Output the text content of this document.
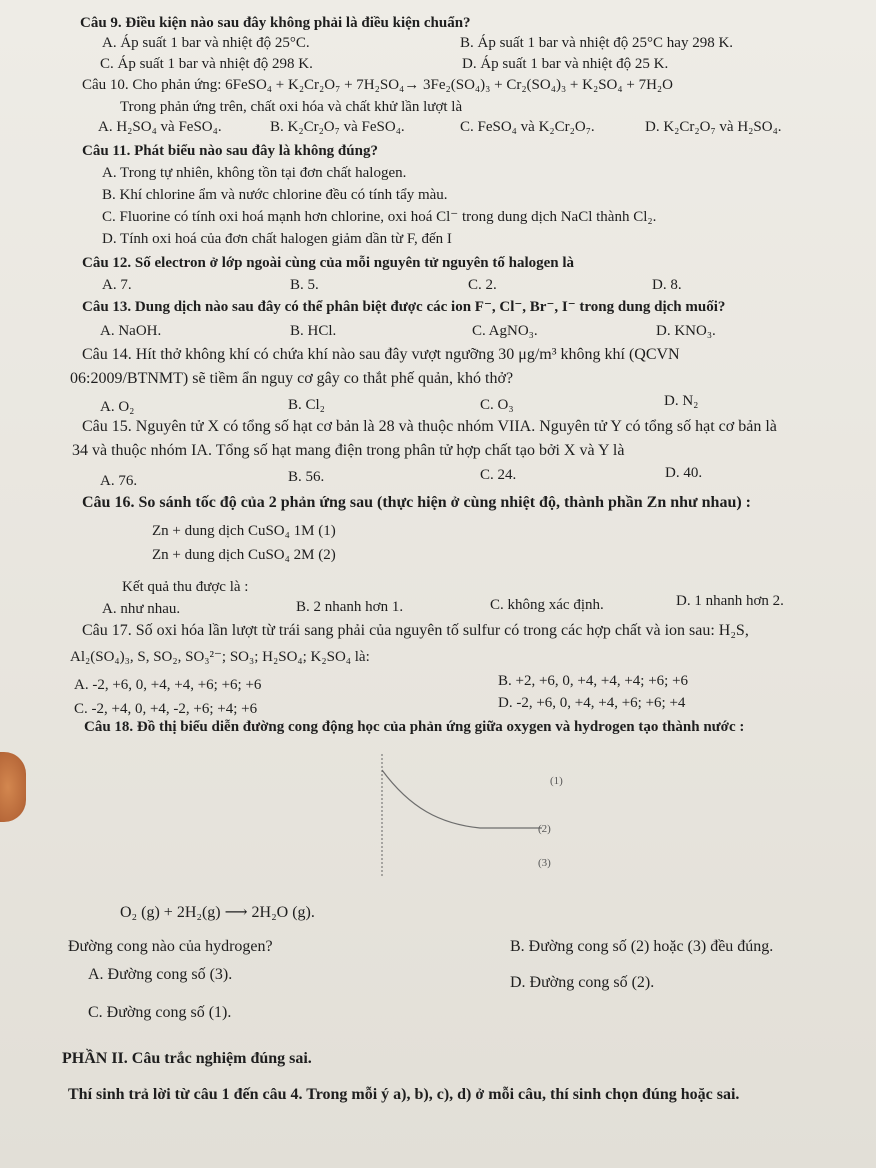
Câu 9. Điều kiện nào sau đây không phải là điều kiện chuẩn?
A. Áp suất 1 bar và nhiệt độ 25°C.	B. Áp suất 1 bar và nhiệt độ 25°C hay 298 K.
C. Áp suất 1 bar và nhiệt độ 298 K.	D. Áp suất 1 bar và nhiệt độ 25 K.
Câu 10. Cho phản ứng: 6FeSO₄ + K₂Cr₂O₇ + 7H₂SO₄→ 3Fe₂(SO₄)₃ + Cr₂(SO₄)₃ + K₂SO₄ + 7H₂O
Trong phản ứng trên, chất oxi hóa và chất khử lần lượt là
A. H₂SO₄ và FeSO₄.	B. K₂Cr₂O₇ và FeSO₄.	C. FeSO₄ và K₂Cr₂O₇.	D. K₂Cr₂O₇ và H₂SO₄.
Câu 11. Phát biểu nào sau đây là không đúng?
A. Trong tự nhiên, không tồn tại đơn chất halogen.
B. Khí chlorine ẩm và nước chlorine đều có tính tẩy màu.
C. Fluorine có tính oxi hoá mạnh hơn chlorine, oxi hoá Cl⁻ trong dung dịch NaCl thành Cl₂.
D. Tính oxi hoá của đơn chất halogen giảm dần từ F, đến I
Câu 12. Số electron ở lớp ngoài cùng của mỗi nguyên tử nguyên tố halogen là
A. 7.	B. 5.	C. 2.	D. 8.
Câu 13. Dung dịch nào sau đây có thể phân biệt được các ion F⁻, Cl⁻, Br⁻, I⁻ trong dung dịch muối?
A. NaOH.	B. HCl.	C. AgNO₃.	D. KNO₃.
Câu 14. Hít thở không khí có chứa khí nào sau đây vượt ngưỡng 30 μg/m³ không khí (QCVN
06:2009/BTNMT) sẽ tiềm ẩn nguy cơ gây co thắt phế quản, khó thở?
A. O₂	B. Cl₂	C. O₃	D. N₂
Câu 15. Nguyên tử X có tổng số hạt cơ bản là 28 và thuộc nhóm VIIA. Nguyên tử Y có tổng số hạt cơ bản là
34 và thuộc nhóm IA. Tổng số hạt mang điện trong phân tử hợp chất tạo bởi X và Y là
A. 76.	B. 56.	C. 24.	D. 40.
Câu 16. So sánh tốc độ của 2 phản ứng sau (thực hiện ở cùng nhiệt độ, thành phần Zn như nhau) :
Zn + dung dịch CuSO₄ 1M (1)
Zn + dung dịch CuSO₄ 2M (2)
Kết quả thu được là :
A. như nhau.	B. 2 nhanh hơn 1.	C. không xác định.	D. 1 nhanh hơn 2.
Câu 17. Số oxi hóa lần lượt từ trái sang phải của nguyên tố sulfur có trong các hợp chất và ion sau: H₂S,
Al₂(SO₄)₃, S, SO₂, SO₃²⁻; SO₃; H₂SO₄; K₂SO₄ là:
A. -2, +6, 0, +4, +4, +6; +6; +6	B. +2, +6, 0, +4, +4, +4; +6; +6
C. -2, +4, 0, +4, -2, +6; +4; +6	D. -2, +6, 0, +4, +4, +6; +6; +4
Câu 18. Đồ thị biểu diễn đường cong động học của phản ứng giữa oxygen và hydrogen tạo thành nước :
(1)
(2)
(3)
O₂ (g) + 2H₂(g) ⟶ 2H₂O (g).
Đường cong nào của hydrogen?
A. Đường cong số (3).
B. Đường cong số (2) hoặc (3) đều đúng.
C. Đường cong số (1).
D. Đường cong số (2).
PHẦN II. Câu trắc nghiệm đúng sai.
Thí sinh trả lời từ câu 1 đến câu 4. Trong mỗi ý a), b), c), d) ở mỗi câu, thí sinh chọn đúng hoặc sai.
